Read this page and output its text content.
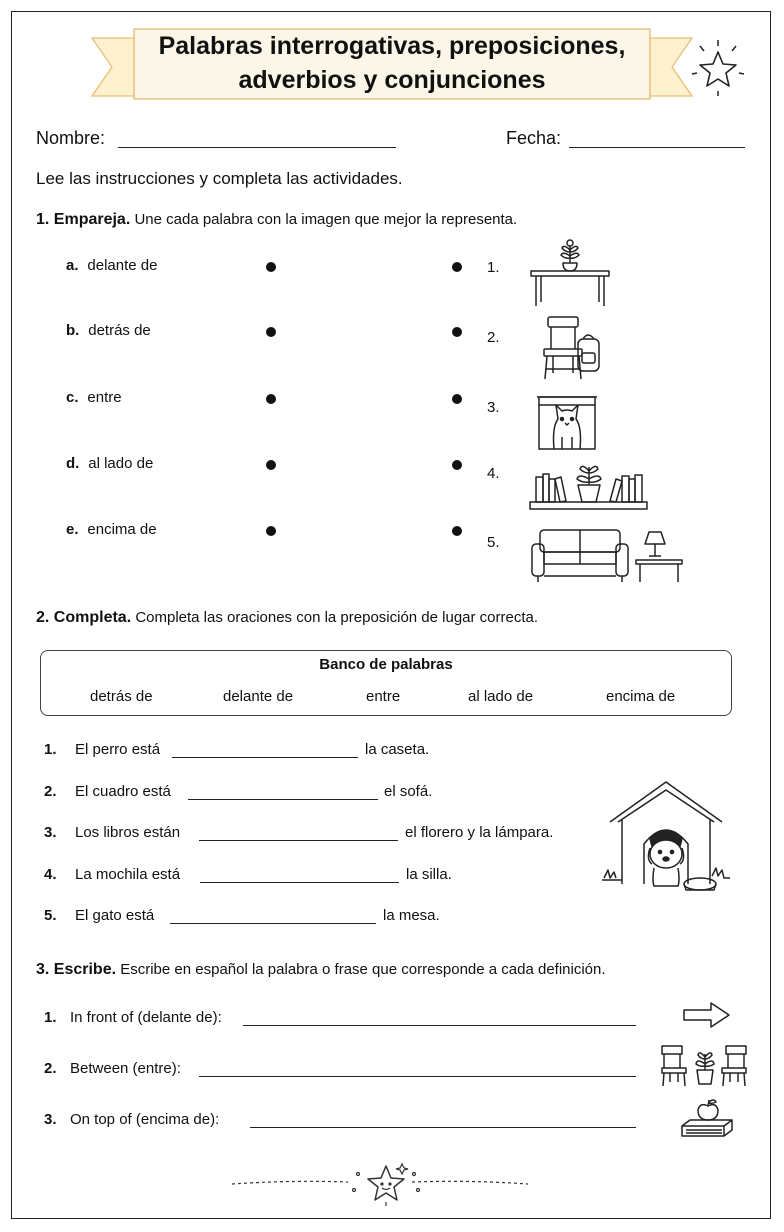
Palabras interrogativas, preposiciones,
adverbios y conjunciones
Nombre:	Fecha:
Lee las instrucciones y completa las actividades.
1. Empareja. Une cada palabra con la imagen que mejor la representa.
a. delante de
b. detrás de
c. entre
d. al lado de
e. encima de
1.
2.
3.
4.
5.
2. Completa. Completa las oraciones con la preposición de lugar correcta.
Banco de palabras
detrás de	delante de	entre	al lado de	encima de
1. El perro está	la caseta.
2. El cuadro está	el sofá.
3. Los libros están	el florero y la lámpara.
4. La mochila está	la silla.
5. El gato está	la mesa.
3. Escribe. Escribe en español la palabra o frase que corresponde a cada definición.
1. In front of (delante de):
2. Between (entre):
3. On top of (encima de):
